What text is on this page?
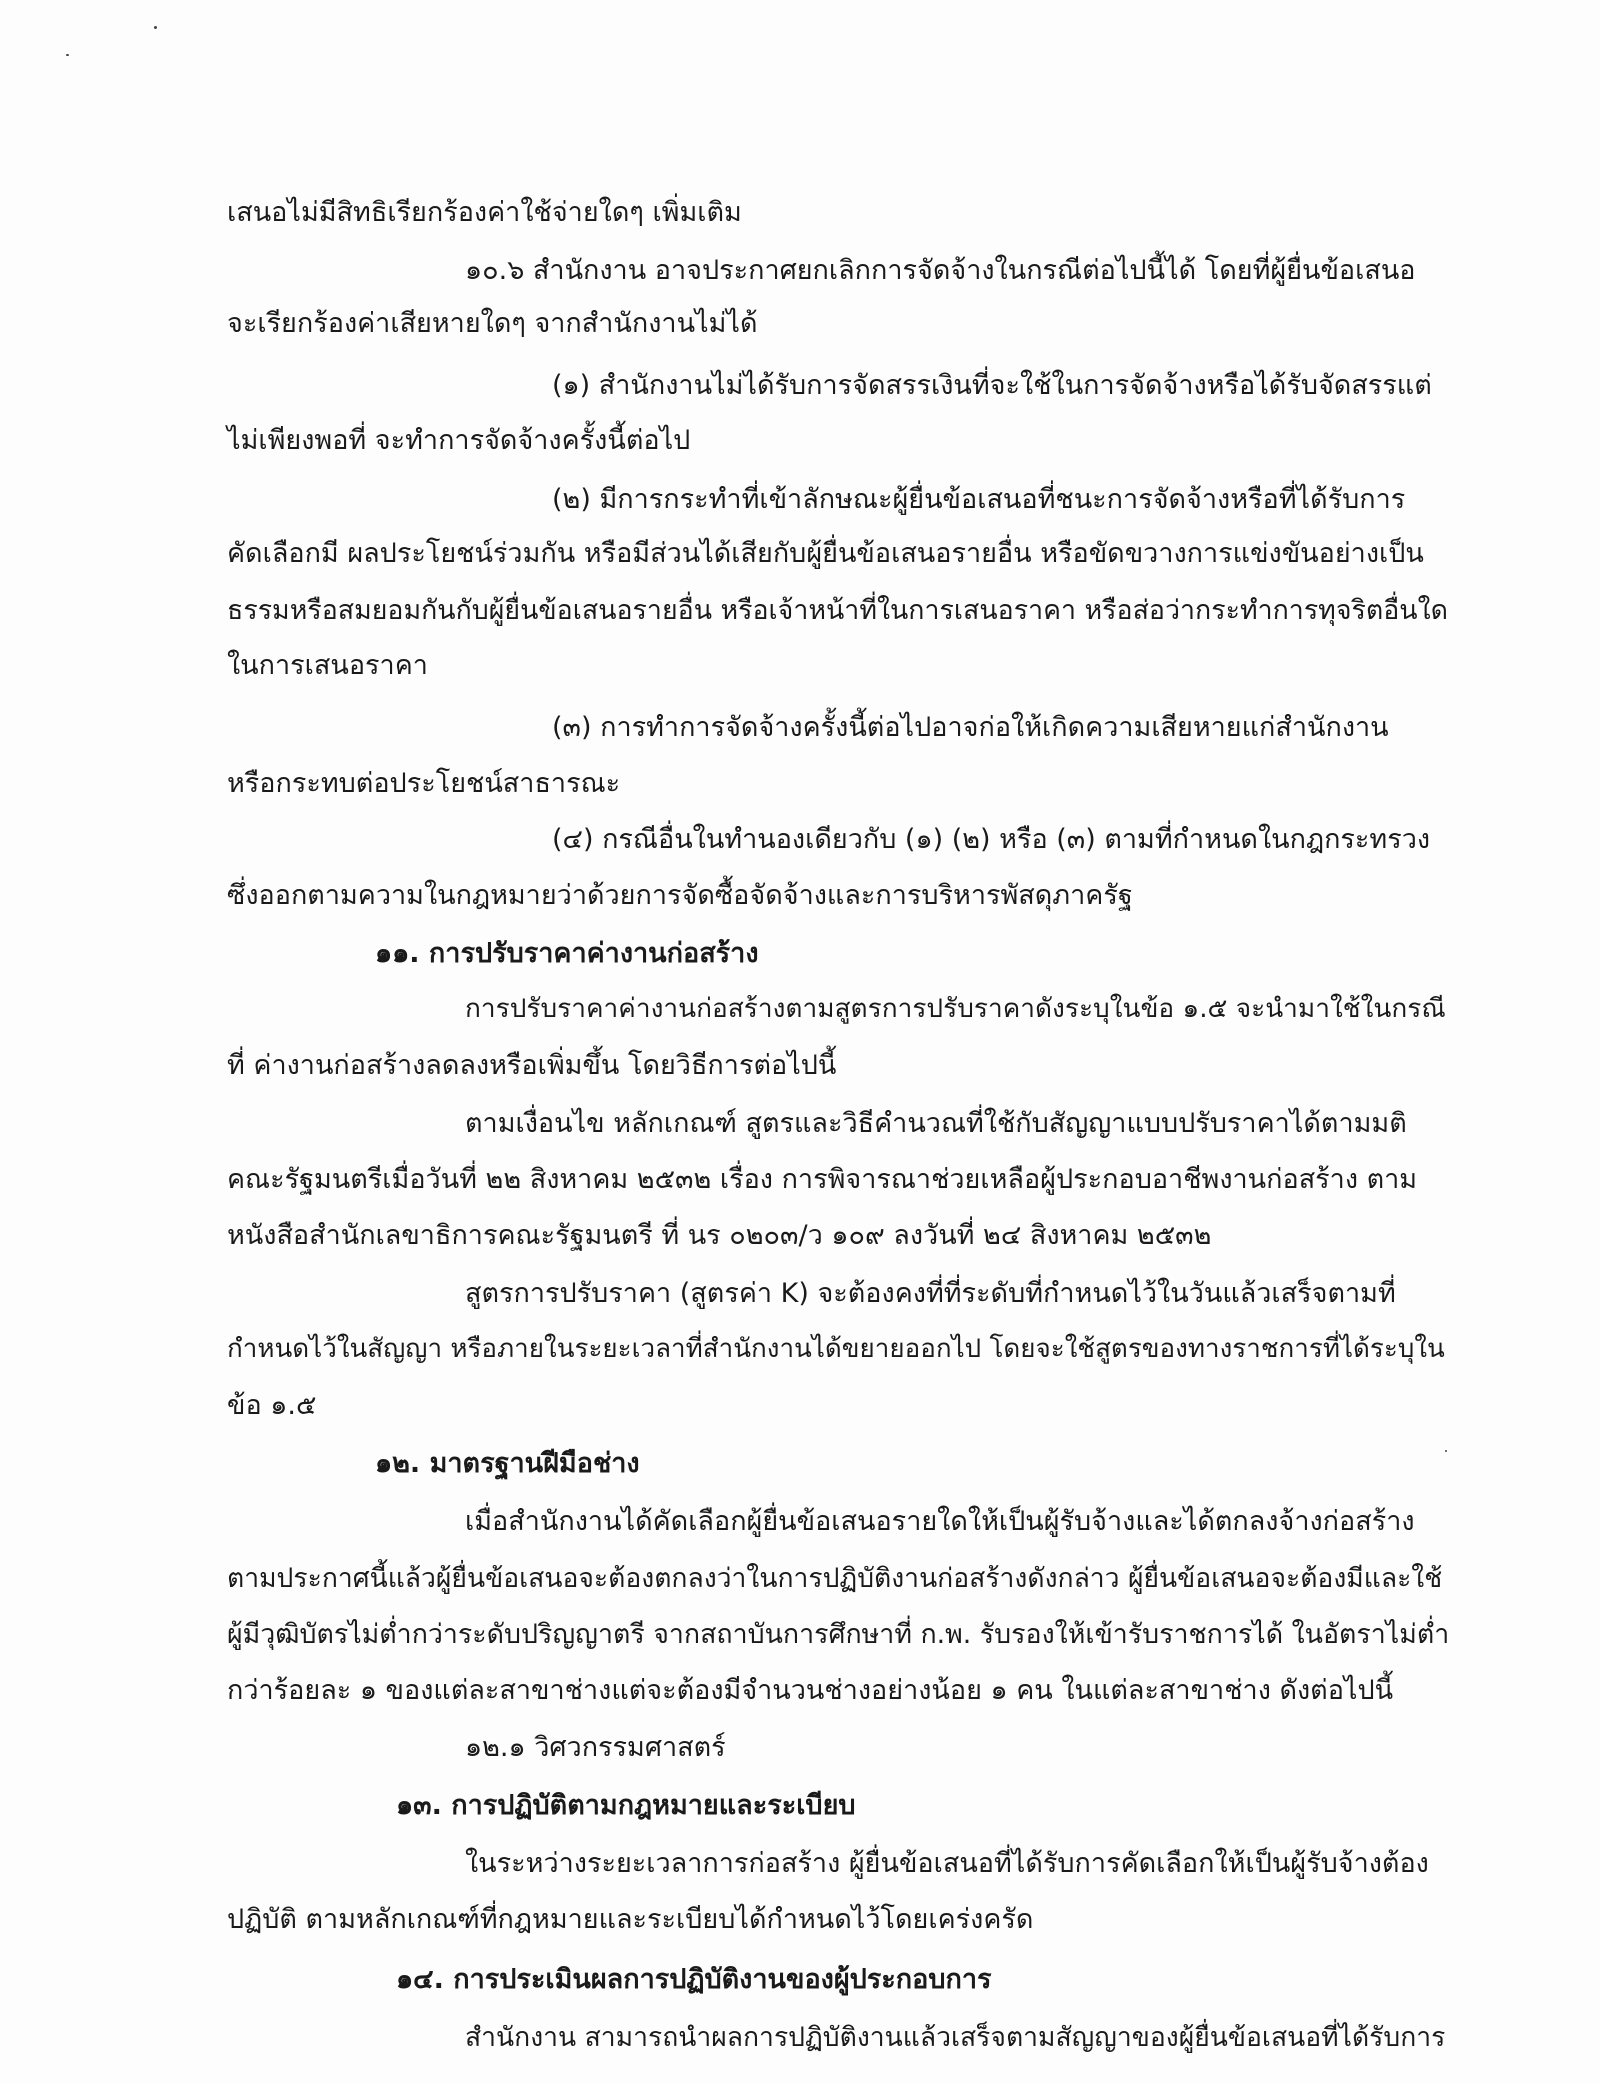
เสนอไม่มีสิทธิเรียกร้องค่าใช้จ่ายใดๆ เพิ่มเติม
๑๐.๖ สำนักงาน อาจประกาศยกเลิกการจัดจ้างในกรณีต่อไปนี้ได้ โดยที่ผู้ยื่นข้อเสนอ
จะเรียกร้องค่าเสียหายใดๆ จากสำนักงานไม่ได้
(๑) สำนักงานไม่ได้รับการจัดสรรเงินที่จะใช้ในการจัดจ้างหรือได้รับจัดสรรแต่
ไม่เพียงพอที่ จะทำการจัดจ้างครั้งนี้ต่อไป
(๒) มีการกระทำที่เข้าลักษณะผู้ยื่นข้อเสนอที่ชนะการจัดจ้างหรือที่ได้รับการ
คัดเลือกมี ผลประโยชน์ร่วมกัน หรือมีส่วนได้เสียกับผู้ยื่นข้อเสนอรายอื่น หรือขัดขวางการแข่งขันอย่างเป็น
ธรรมหรือสมยอมกันกับผู้ยื่นข้อเสนอรายอื่น หรือเจ้าหน้าที่ในการเสนอราคา หรือส่อว่ากระทำการทุจริตอื่นใด
ในการเสนอราคา
(๓) การทำการจัดจ้างครั้งนี้ต่อไปอาจก่อให้เกิดความเสียหายแก่สำนักงาน
หรือกระทบต่อประโยชน์สาธารณะ
(๔) กรณีอื่นในทำนองเดียวกับ (๑) (๒) หรือ (๓) ตามที่กำหนดในกฎกระทรวง
ซึ่งออกตามความในกฎหมายว่าด้วยการจัดซื้อจัดจ้างและการบริหารพัสดุภาครัฐ
๑๑. การปรับราคาค่างานก่อสร้าง
การปรับราคาค่างานก่อสร้างตามสูตรการปรับราคาดังระบุในข้อ ๑.๕ จะนำมาใช้ในกรณี
ที่ ค่างานก่อสร้างลดลงหรือเพิ่มขึ้น โดยวิธีการต่อไปนี้
ตามเงื่อนไข หลักเกณฑ์ สูตรและวิธีคำนวณที่ใช้กับสัญญาแบบปรับราคาได้ตามมติ
คณะรัฐมนตรีเมื่อวันที่ ๒๒ สิงหาคม ๒๕๓๒ เรื่อง การพิจารณาช่วยเหลือผู้ประกอบอาชีพงานก่อสร้าง ตาม
หนังสือสำนักเลขาธิการคณะรัฐมนตรี ที่ นร ๐๒๐๓/ว ๑๐๙ ลงวันที่ ๒๔ สิงหาคม ๒๕๓๒
สูตรการปรับราคา (สูตรค่า K) จะต้องคงที่ที่ระดับที่กำหนดไว้ในวันแล้วเสร็จตามที่
กำหนดไว้ในสัญญา หรือภายในระยะเวลาที่สำนักงานได้ขยายออกไป โดยจะใช้สูตรของทางราชการที่ได้ระบุใน
ข้อ ๑.๕
๑๒. มาตรฐานฝีมือช่าง
เมื่อสำนักงานได้คัดเลือกผู้ยื่นข้อเสนอรายใดให้เป็นผู้รับจ้างและได้ตกลงจ้างก่อสร้าง
ตามประกาศนี้แล้วผู้ยื่นข้อเสนอจะต้องตกลงว่าในการปฏิบัติงานก่อสร้างดังกล่าว ผู้ยื่นข้อเสนอจะต้องมีและใช้
ผู้มีวุฒิบัตรไม่ต่ำกว่าระดับปริญญาตรี จากสถาบันการศึกษาที่ ก.พ. รับรองให้เข้ารับราชการได้ ในอัตราไม่ต่ำ
กว่าร้อยละ ๑ ของแต่ละสาขาช่างแต่จะต้องมีจำนวนช่างอย่างน้อย ๑ คน ในแต่ละสาขาช่าง ดังต่อไปนี้
๑๒.๑ วิศวกรรมศาสตร์
๑๓. การปฏิบัติตามกฎหมายและระเบียบ
ในระหว่างระยะเวลาการก่อสร้าง ผู้ยื่นข้อเสนอที่ได้รับการคัดเลือกให้เป็นผู้รับจ้างต้อง
ปฏิบัติ ตามหลักเกณฑ์ที่กฎหมายและระเบียบได้กำหนดไว้โดยเคร่งครัด
๑๔. การประเมินผลการปฏิบัติงานของผู้ประกอบการ
สำนักงาน สามารถนำผลการปฏิบัติงานแล้วเสร็จตามสัญญาของผู้ยื่นข้อเสนอที่ได้รับการ
